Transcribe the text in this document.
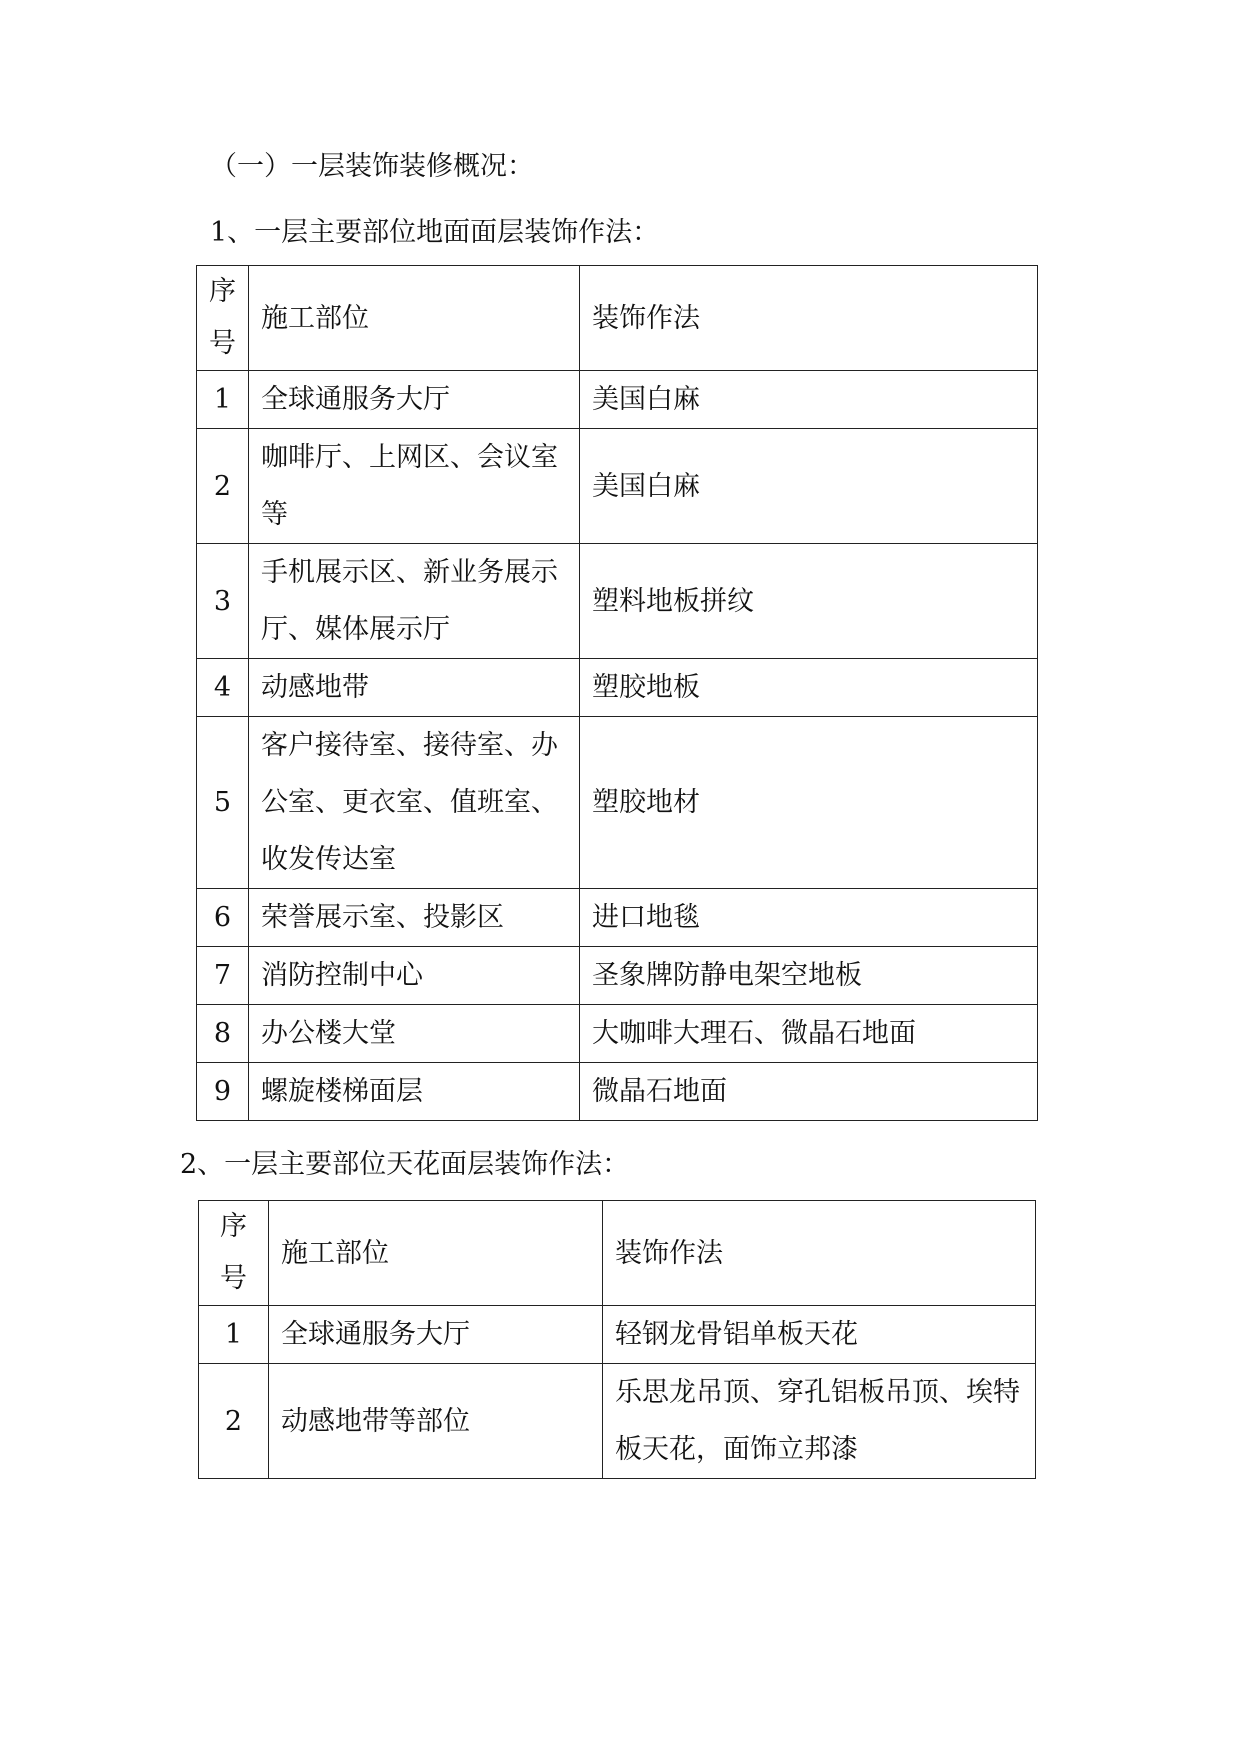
（一）一层装饰装修概况：

1、一层主要部位地面面层装饰作法：

序
号	施工部位	装饰作法
1	全球通服务大厅	美国白麻
2	咖啡厅、上网区、会议室等	美国白麻
3	手机展示区、新业务展示厅、媒体展示厅	塑料地板拼纹
4	动感地带	塑胶地板
5	客户接待室、接待室、办公室、更衣室、值班室、收发传达室	塑胶地材
6	荣誉展示室、投影区	进口地毯
7	消防控制中心	圣象牌防静电架空地板
8	办公楼大堂	大咖啡大理石、微晶石地面
9	螺旋楼梯面层	微晶石地面

2、一层主要部位天花面层装饰作法：

序
号	施工部位	装饰作法
1	全球通服务大厅	轻钢龙骨铝单板天花
2	动感地带等部位	乐思龙吊顶、穿孔铝板吊顶、埃特板天花，面饰立邦漆
